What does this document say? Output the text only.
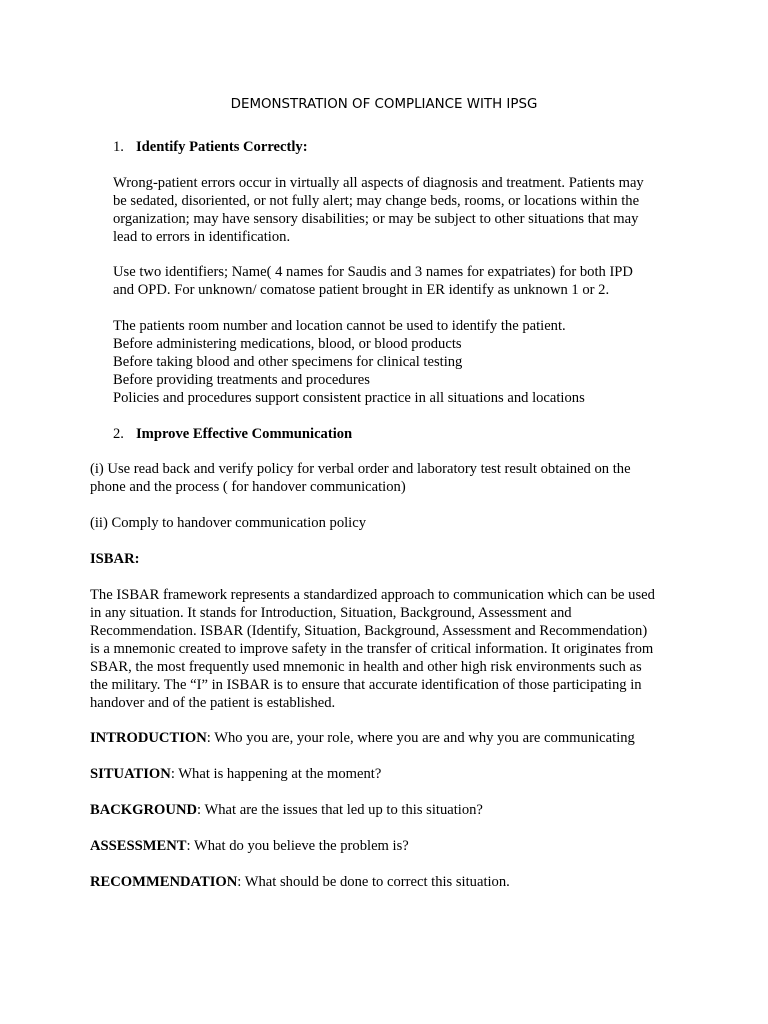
DEMONSTRATION OF COMPLIANCE WITH IPSG
1. Identify Patients Correctly:
Wrong-patient errors occur in virtually all aspects of diagnosis and treatment. Patients may
be sedated, disoriented, or not fully alert; may change beds, rooms, or locations within the
organization; may have sensory disabilities; or may be subject to other situations that may
lead to errors in identification.
Use two identifiers; Name( 4 names for Saudis and 3 names for expatriates) for both IPD
and OPD. For unknown/ comatose patient brought in ER identify as unknown 1 or 2.
The patients room number and location cannot be used to identify the patient.
Before administering medications, blood, or blood products
Before taking blood and other specimens for clinical testing
Before providing treatments and procedures
Policies and procedures support consistent practice in all situations and locations
2. Improve Effective Communication
(i) Use read back and verify policy for verbal order and laboratory test result obtained on the
phone and the process ( for handover communication)
(ii) Comply to handover communication policy
ISBAR:
The ISBAR framework represents a standardized approach to communication which can be used
in any situation. It stands for Introduction, Situation, Background, Assessment and
Recommendation. ISBAR (Identify, Situation, Background, Assessment and Recommendation)
is a mnemonic created to improve safety in the transfer of critical information. It originates from
SBAR, the most frequently used mnemonic in health and other high risk environments such as
the military. The “I” in ISBAR is to ensure that accurate identification of those participating in
handover and of the patient is established.
INTRODUCTION: Who you are, your role, where you are and why you are communicating
SITUATION: What is happening at the moment?
BACKGROUND: What are the issues that led up to this situation?
ASSESSMENT: What do you believe the problem is?
RECOMMENDATION: What should be done to correct this situation.
